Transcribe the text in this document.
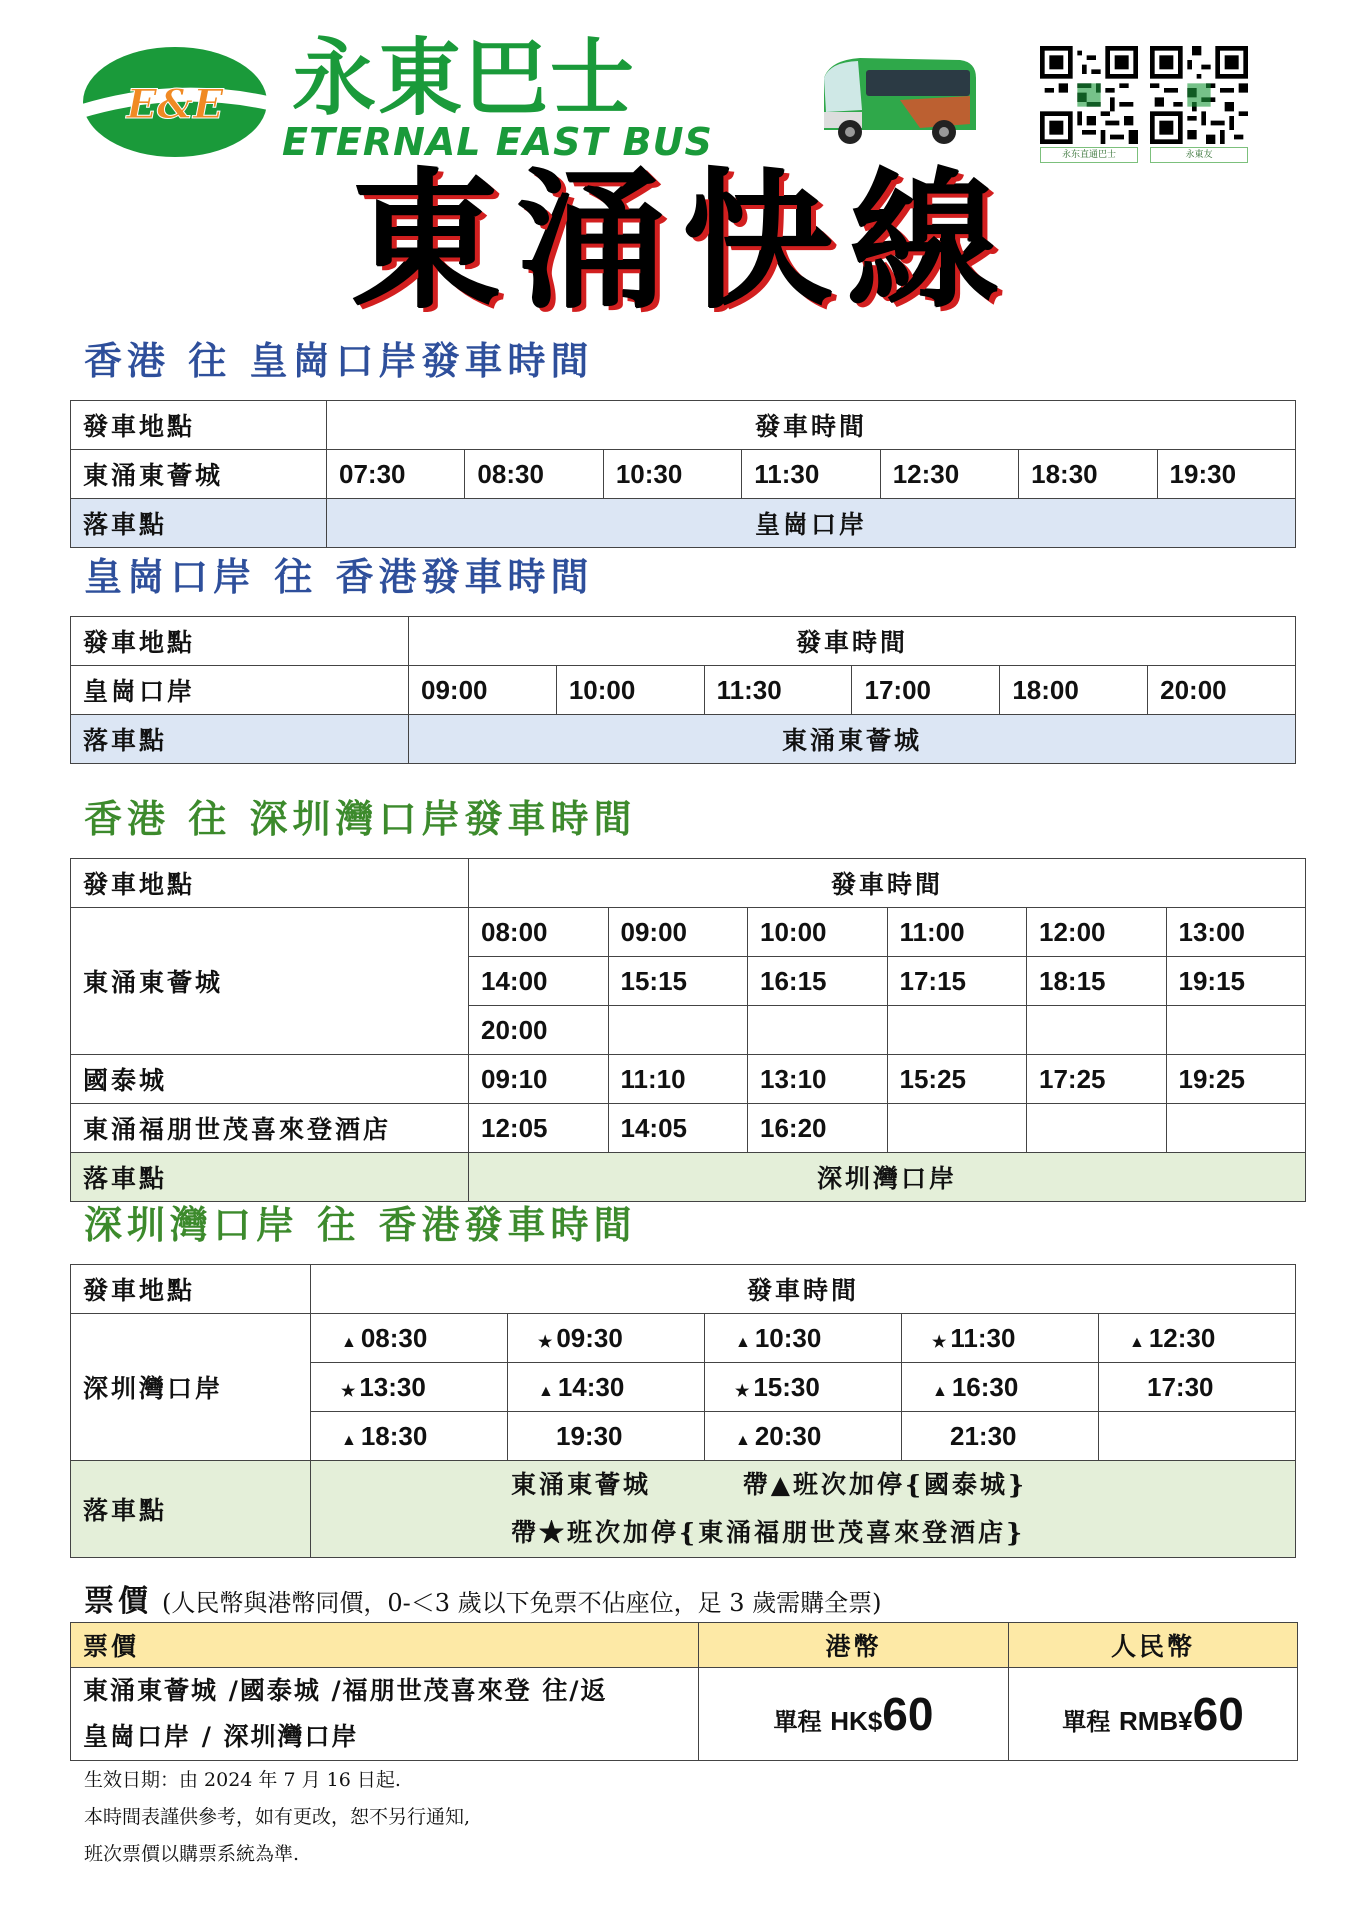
E&E 永東巴士
ETERNAL EAST BUS	永东直通巴士	永東友
東涌快線
香港 往 皇崗口岸發車時間
發車地點	發車時間						
東涌東薈城	07:30	08:30	10:30	11:30	12:30	18:30	19:30
落車點	皇崗口岸						
皇崗口岸 往 香港發車時間
發車地點	發車時間					
皇崗口岸	09:00	10:00	11:30	17:00	18:00	20:00
落車點	東涌東薈城					
香港 往 深圳灣口岸發車時間
發車地點	發車時間					
東涌東薈城	08:00	09:00	10:00	11:00	12:00	13:00
	14:00	15:15	16:15	17:15	18:15	19:15
	20:00					
國泰城	09:10	11:10	13:10	15:25	17:25	19:25
東涌福朋世茂喜來登酒店	12:05	14:05	16:20			
落車點	深圳灣口岸					
深圳灣口岸 往 香港發車時間
發車地點	發車時間				
深圳灣口岸	▲ 08:30	★ 09:30	▲ 10:30	★ 11:30	▲ 12:30
	★ 13:30	▲ 14:30	★ 15:30	▲ 16:30	17:30
	▲ 18:30	19:30	▲ 20:30	21:30	
落車點	東涌東薈城 帶▲班次加停{國泰城}
帶★班次加停{東涌福朋世茂喜來登酒店}				
票價 (人民幣與港幣同價，0-＜3 歲以下免票不佔座位，足 3 歲需購全票)
票價	港幣	人民幣

東涌東薈城 /國泰城 /福朋世茂喜來登 往/返
皇崗口岸 / 深圳灣口岸	單程 HK$60	單程 RMB¥60
生效日期：由 2024 年 7 月 16 日起.
本時間表謹供參考，如有更改，恕不另行通知,
班次票價以購票系統為準.
